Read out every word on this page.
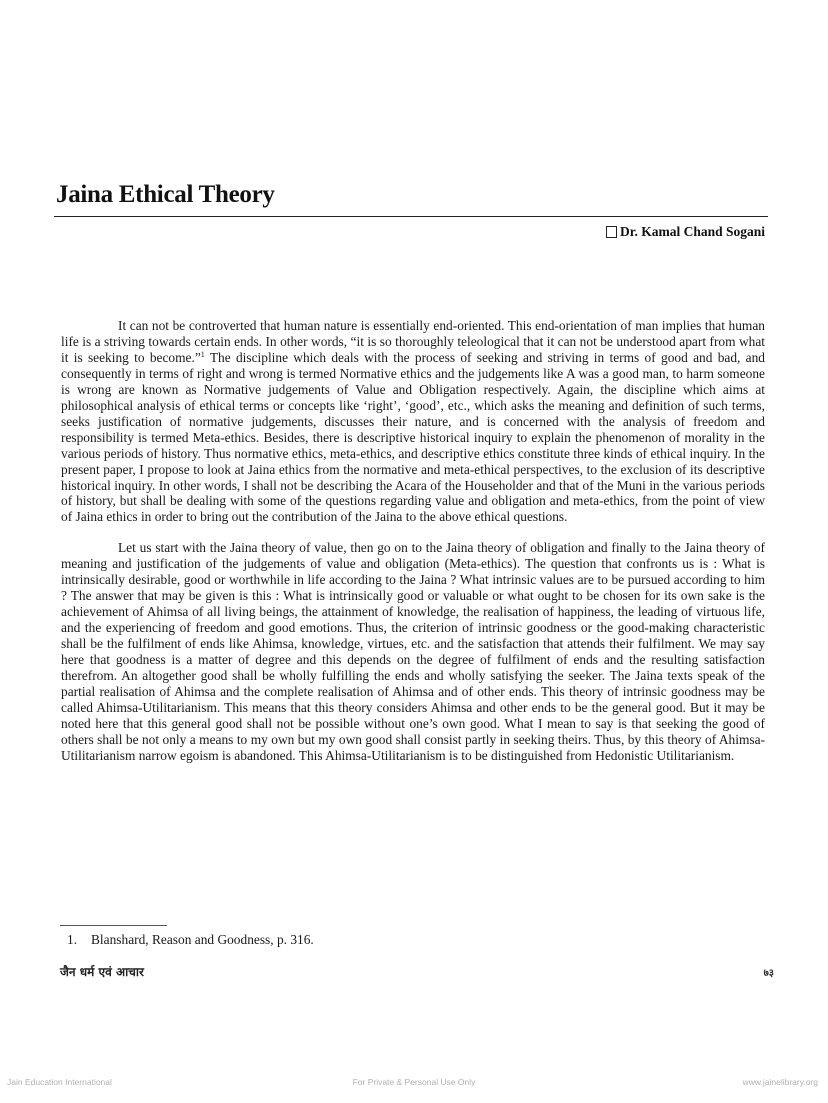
Jaina Ethical Theory
Dr. Kamal Chand Sogani

It can not be controverted that human nature is essentially end-oriented. This end-orientation of man implies that human life is a striving towards certain ends. In other words, “it is so thoroughly teleological that it can not be understood apart from what it is seeking to become.”$^1$ The discipline which deals with the process of seeking and striving in terms of good and bad, and consequently in terms of right and wrong is termed Normative ethics and the judgements like A was a good man, to harm someone is wrong are known as Normative judgements of Value and Obligation respectively. Again, the discipline which aims at philosophical analysis of ethical terms or concepts like ‘right’, ‘good’, etc., which asks the meaning and definition of such terms, seeks justification of normative judgements, discusses their nature, and is concerned with the analysis of freedom and responsibility is termed Meta-ethics. Besides, there is descriptive historical inquiry to explain the phenomenon of morality in the various periods of history. Thus normative ethics, meta-ethics, and descriptive ethics constitute three kinds of ethical inquiry. In the present paper, I propose to look at Jaina ethics from the normative and meta-ethical perspectives, to the exclusion of its descriptive historical inquiry. In other words, I shall not be describing the Acara of the Householder and that of the Muni in the various periods of history, but shall be dealing with some of the questions regarding value and obligation and meta-ethics, from the point of view of Jaina ethics in order to bring out the contribution of the Jaina to the above ethical questions.

Let us start with the Jaina theory of value, then go on to the Jaina theory of obligation and finally to the Jaina theory of meaning and justification of the judgements of value and obligation (Meta-ethics). The question that confronts us is : What is intrinsically desirable, good or worthwhile in life according to the Jaina ? What intrinsic values are to be pursued according to him ? The answer that may be given is this : What is intrinsically good or valuable or what ought to be chosen for its own sake is the achievement of Ahimsa of all living beings, the attainment of knowledge, the realisation of happiness, the leading of virtuous life, and the experiencing of freedom and good emotions. Thus, the criterion of intrinsic goodness or the good-making characteristic shall be the fulfilment of ends like Ahimsa, knowledge, virtues, etc. and the satisfaction that attends their fulfilment. We may say here that goodness is a matter of degree and this depends on the degree of fulfilment of ends and the resulting satisfaction therefrom. An altogether good shall be wholly fulfilling the ends and wholly satisfying the seeker. The Jaina texts speak of the partial realisation of Ahimsa and the complete realisation of Ahimsa and of other ends. This theory of intrinsic goodness may be called Ahimsa-Utilitarianism. This means that this theory considers Ahimsa and other ends to be the general good. But it may be noted here that this general good shall not be possible without one’s own good. What I mean to say is that seeking the good of others shall be not only a means to my own but my own good shall consist partly in seeking theirs. Thus, by this theory of Ahimsa-Utilitarianism narrow egoism is abandoned. This Ahimsa-Utilitarianism is to be distinguished from Hedonistic Utilitarianism.

1. Blanshard, Reason and Goodness, p. 316.
जैन धर्म एवं आचार	७३
Jain Education International	For Private & Personal Use Only	www.jainelibrary.org
